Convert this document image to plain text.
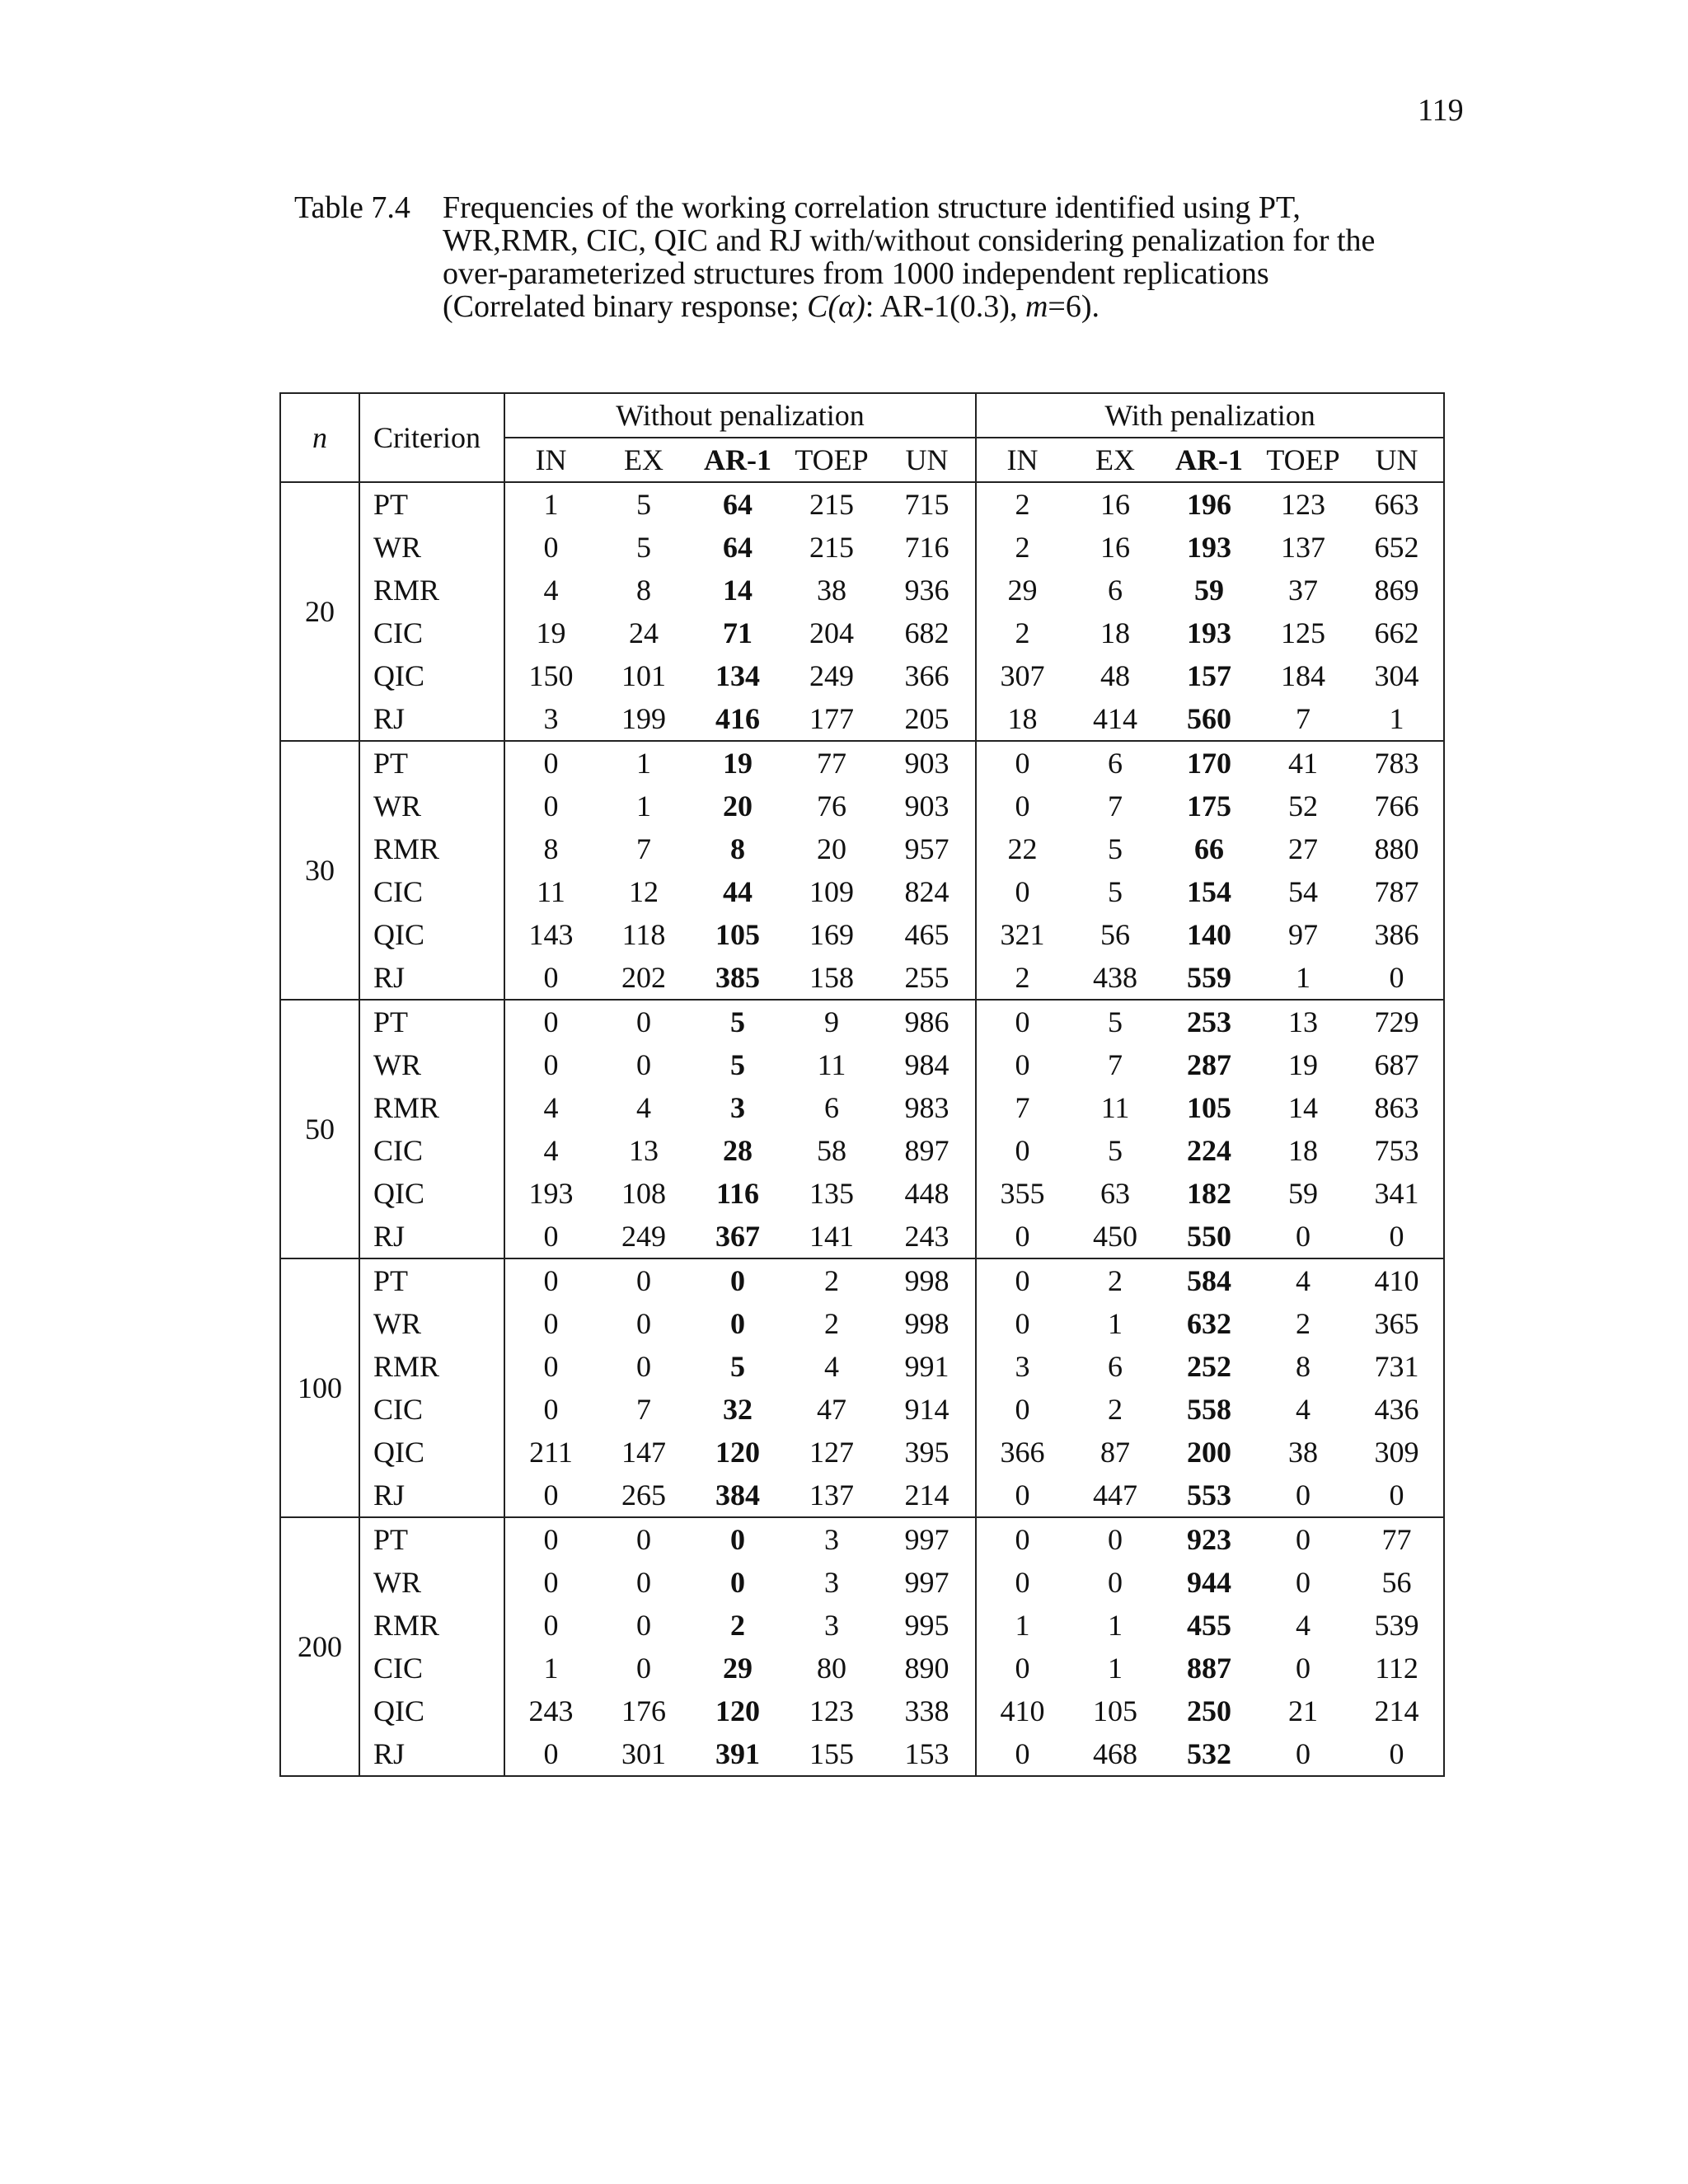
119
Table 7.4	Frequencies of the working correlation structure identified using PT,
WR,RMR, CIC, QIC and RJ with/without considering penalization for the
over-parameterized structures from 1000 independent replications
(Correlated binary response; C(α): AR-1(0.3), m=6).
n	Criterion	Without penalization					With penalization				
		IN	EX	AR-1	TOEP	UN	IN	EX	AR-1	TOEP	UN
20	PT	1	5	64	215	715	2	16	196	123	663
	WR	0	5	64	215	716	2	16	193	137	652
	RMR	4	8	14	38	936	29	6	59	37	869
	CIC	19	24	71	204	682	2	18	193	125	662
	QIC	150	101	134	249	366	307	48	157	184	304
	RJ	3	199	416	177	205	18	414	560	7	1
30	PT	0	1	19	77	903	0	6	170	41	783
	WR	0	1	20	76	903	0	7	175	52	766
	RMR	8	7	8	20	957	22	5	66	27	880
	CIC	11	12	44	109	824	0	5	154	54	787
	QIC	143	118	105	169	465	321	56	140	97	386
	RJ	0	202	385	158	255	2	438	559	1	0
50	PT	0	0	5	9	986	0	5	253	13	729
	WR	0	0	5	11	984	0	7	287	19	687
	RMR	4	4	3	6	983	7	11	105	14	863
	CIC	4	13	28	58	897	0	5	224	18	753
	QIC	193	108	116	135	448	355	63	182	59	341
	RJ	0	249	367	141	243	0	450	550	0	0
100	PT	0	0	0	2	998	0	2	584	4	410
	WR	0	0	0	2	998	0	1	632	2	365
	RMR	0	0	5	4	991	3	6	252	8	731
	CIC	0	7	32	47	914	0	2	558	4	436
	QIC	211	147	120	127	395	366	87	200	38	309
	RJ	0	265	384	137	214	0	447	553	0	0
200	PT	0	0	0	3	997	0	0	923	0	77
	WR	0	0	0	3	997	0	0	944	0	56
	RMR	0	0	2	3	995	1	1	455	4	539
	CIC	1	0	29	80	890	0	1	887	0	112
	QIC	243	176	120	123	338	410	105	250	21	214
	RJ	0	301	391	155	153	0	468	532	0	0
